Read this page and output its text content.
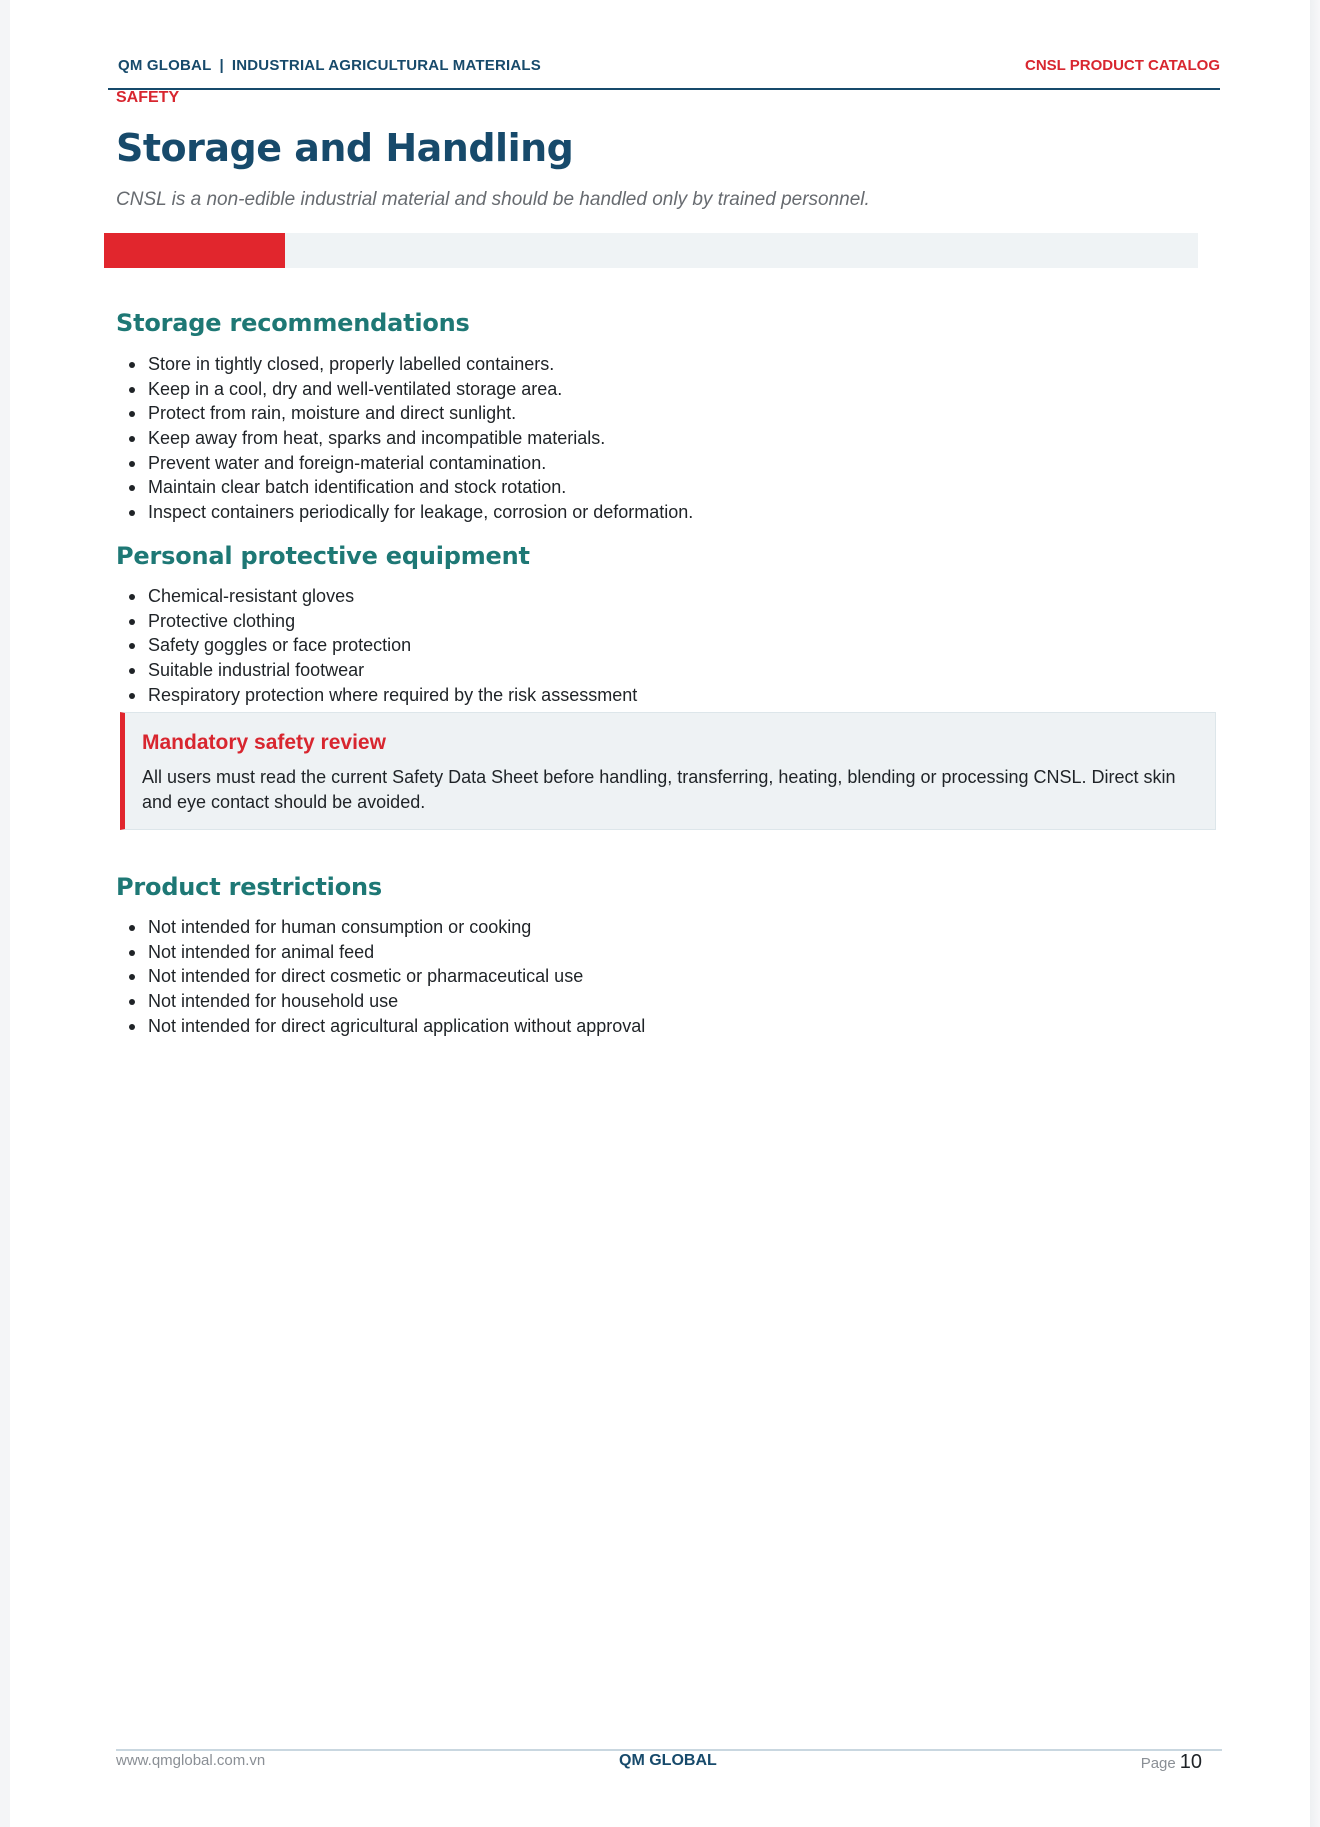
QM GLOBAL | INDUSTRIAL AGRICULTURAL MATERIALS	CNSL PRODUCT CATALOG
SAFETY
Storage and Handling
CNSL is a non-edible industrial material and should be handled only by trained personnel.
Storage recommendations
Store in tightly closed, properly labelled containers.
Keep in a cool, dry and well-ventilated storage area.
Protect from rain, moisture and direct sunlight.
Keep away from heat, sparks and incompatible materials.
Prevent water and foreign-material contamination.
Maintain clear batch identification and stock rotation.
Inspect containers periodically for leakage, corrosion or deformation.
Personal protective equipment
Chemical-resistant gloves
Protective clothing
Safety goggles or face protection
Suitable industrial footwear
Respiratory protection where required by the risk assessment
Mandatory safety review
All users must read the current Safety Data Sheet before handling, transferring, heating, blending or processing CNSL. Direct skin and eye contact should be avoided.
Product restrictions
Not intended for human consumption or cooking
Not intended for animal feed
Not intended for direct cosmetic or pharmaceutical use
Not intended for household use
Not intended for direct agricultural application without approval
www.qmglobal.com.vn	QM GLOBAL	Page 10
